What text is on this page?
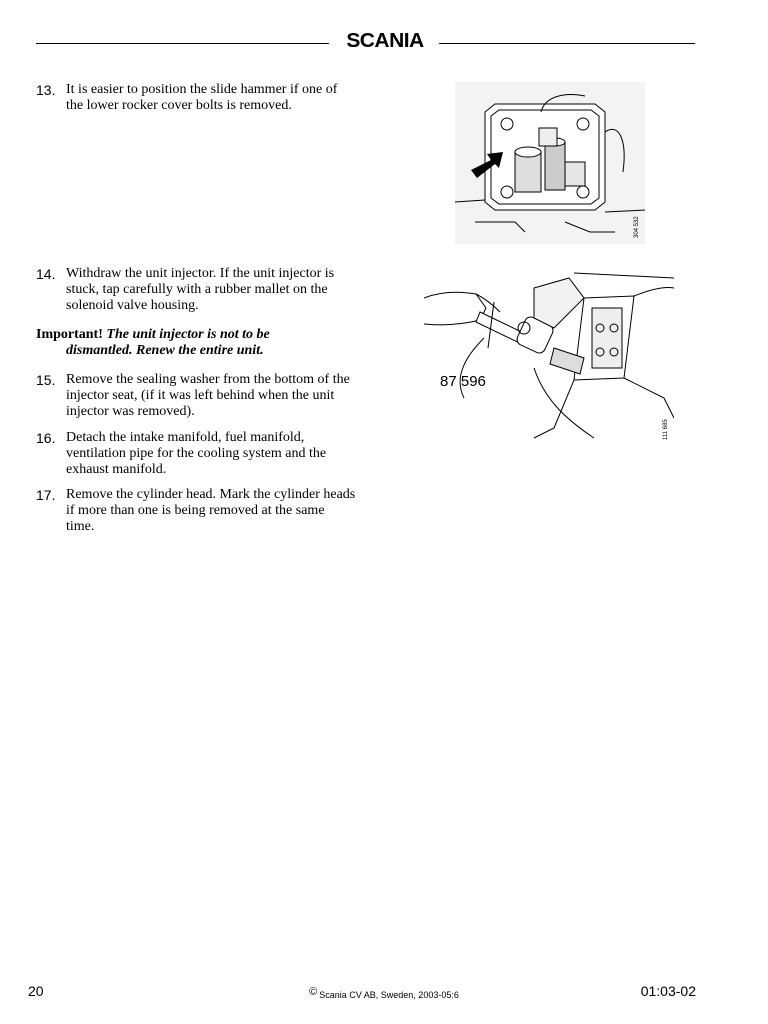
SCANIA
13. It is easier to position the slide hammer if one of the lower rocker cover bolts is removed.
14. Withdraw the unit injector. If the unit injector is stuck, tap carefully with a rubber mallet on the solenoid valve housing.
Important! The unit injector is not to be
dismantled. Renew the entire unit.
15. Remove the sealing washer from the bottom of the injector seat, (if it was left behind when the unit injector was removed).
16. Detach the intake manifold, fuel manifold, ventilation pipe for the cooling system and the exhaust manifold.
17. Remove the cylinder head. Mark the cylinder heads if more than one is being removed at the same time.
304 532
87 596
111 685
20	© Scania CV AB, Sweden, 2003-05:6	01:03-02
